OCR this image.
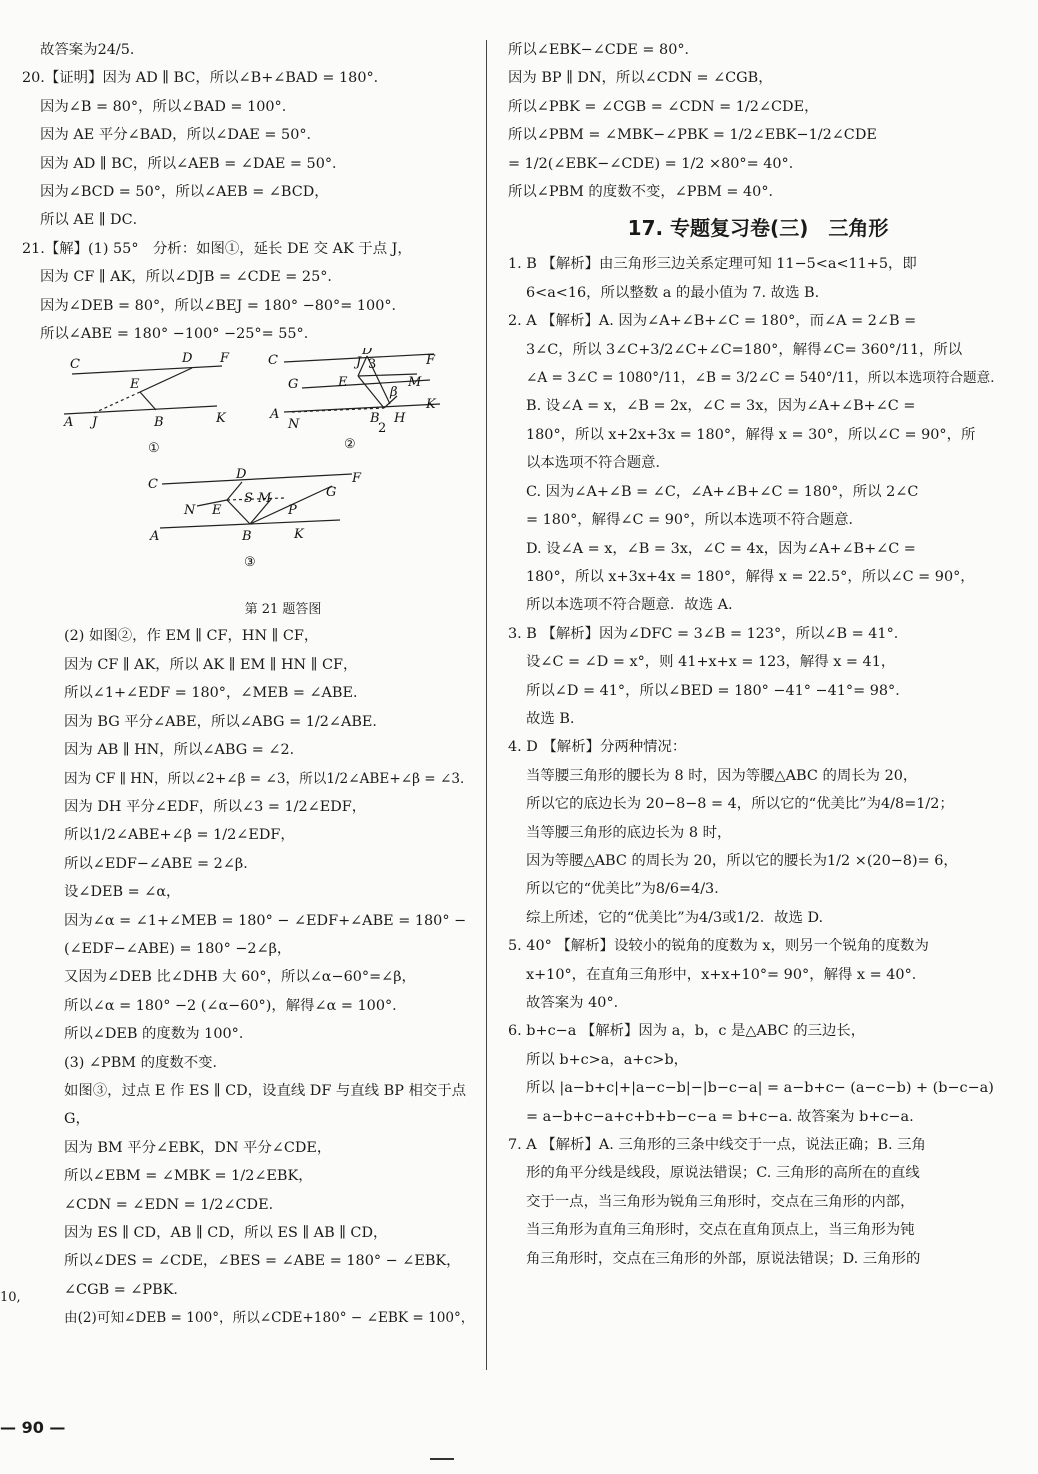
故答案为24/5．
20.【证明】因为 AD ∥ BC，所以∠B+∠BAD = 180°．
因为∠B = 80°，所以∠BAD = 100°．
因为 AE 平分∠BAD，所以∠DAE = 50°．
因为 AD ∥ BC，所以∠AEB = ∠DAE = 50°．
因为∠BCD = 50°，所以∠AEB = ∠BCD，
所以 AE ∥ DC．
21.【解】(1) 55°　分析：如图①，延长 DE 交 AK 于点 J，
因为 CF ∥ AK，所以∠DJB = ∠CDE = 25°．
因为∠DEB = 80°，所以∠BEJ = 180° −80°= 100°．
所以∠ABE = 180° −100° −25°= 55°．
C	D F
E
A J	B	K
①
C
D
F
J 3
G	E	M
β
A
N	B
2
H
K
②
C
D	F
S M	G
N E	P
A	B	K
③
第 21 题答图
(2) 如图②，作 EM ∥ CF，HN ∥ CF，
因为 CF ∥ AK，所以 AK ∥ EM ∥ HN ∥ CF，
所以∠1+∠EDF = 180°，∠MEB = ∠ABE．
因为 BG 平分∠ABE，所以∠ABG = 1/2∠ABE．
因为 AB ∥ HN，所以∠ABG = ∠2．
因为 CF ∥ HN，所以∠2+∠β = ∠3，所以1/2∠ABE+∠β = ∠3．
因为 DH 平分∠EDF，所以∠3 = 1/2∠EDF，
所以1/2∠ABE+∠β = 1/2∠EDF，
所以∠EDF−∠ABE = 2∠β．
设∠DEB = ∠α，
因为∠α = ∠1+∠MEB = 180° − ∠EDF+∠ABE = 180° −
(∠EDF−∠ABE) = 180° −2∠β，
又因为∠DEB 比∠DHB 大 60°，所以∠α−60°=∠β，
所以∠α = 180° −2 (∠α−60°)，解得∠α = 100°．
所以∠DEB 的度数为 100°．
(3) ∠PBM 的度数不变．
如图③，过点 E 作 ES ∥ CD，设直线 DF 与直线 BP 相交于点 G，
因为 BM 平分∠EBK，DN 平分∠CDE，
所以∠EBM = ∠MBK = 1/2∠EBK，
∠CDN = ∠EDN = 1/2∠CDE．
因为 ES ∥ CD，AB ∥ CD，所以 ES ∥ AB ∥ CD，
所以∠DES = ∠CDE，∠BES = ∠ABE = 180° − ∠EBK，
∠CGB = ∠PBK．
由(2)可知∠DEB = 100°，所以∠CDE+180° − ∠EBK = 100°，
所以∠EBK−∠CDE = 80°．
因为 BP ∥ DN，所以∠CDN = ∠CGB，
所以∠PBK = ∠CGB = ∠CDN = 1/2∠CDE，
所以∠PBM = ∠MBK−∠PBK = 1/2∠EBK−1/2∠CDE
= 1/2(∠EBK−∠CDE) = 1/2 ×80°= 40°．
所以∠PBM 的度数不变，∠PBM = 40°．
17. 专题复习卷(三)　三角形
1. B 【解析】由三角形三边关系定理可知 11−5<a<11+5，即
6<a<16，所以整数 a 的最小值为 7. 故选 B.
2. A 【解析】A. 因为∠A+∠B+∠C = 180°，而∠A = 2∠B =
3∠C，所以 3∠C+3/2∠C+∠C=180°，解得∠C= 360°/11，所以
∠A = 3∠C = 1080°/11，∠B = 3/2∠C = 540°/11，所以本选项符合题意．
B. 设∠A = x，∠B = 2x，∠C = 3x，因为∠A+∠B+∠C =
180°，所以 x+2x+3x = 180°，解得 x = 30°，所以∠C = 90°，所
以本选项不符合题意．
C. 因为∠A+∠B = ∠C，∠A+∠B+∠C = 180°，所以 2∠C
= 180°，解得∠C = 90°，所以本选项不符合题意．
D. 设∠A = x，∠B = 3x，∠C = 4x，因为∠A+∠B+∠C =
180°，所以 x+3x+4x = 180°，解得 x = 22.5°，所以∠C = 90°，
所以本选项不符合题意．故选 A.
3. B 【解析】因为∠DFC = 3∠B = 123°，所以∠B = 41°．
设∠C = ∠D = x°，则 41+x+x = 123，解得 x = 41，
所以∠D = 41°，所以∠BED = 180° −41° −41°= 98°．
故选 B.
4. D 【解析】分两种情况：
当等腰三角形的腰长为 8 时，因为等腰△ABC 的周长为 20，
所以它的底边长为 20−8−8 = 4，所以它的“优美比”为4/8=1/2；
当等腰三角形的底边长为 8 时，
因为等腰△ABC 的周长为 20，所以它的腰长为1/2 ×(20−8)= 6，
所以它的“优美比”为8/6=4/3．
综上所述，它的“优美比”为4/3或1/2．故选 D.
5. 40° 【解析】设较小的锐角的度数为 x，则另一个锐角的度数为
x+10°，在直角三角形中，x+x+10°= 90°，解得 x = 40°．
故答案为 40°．
6. b+c−a 【解析】因为 a，b，c 是△ABC 的三边长，
所以 b+c>a，a+c>b，
所以 |a−b+c|+|a−c−b|−|b−c−a| = a−b+c− (a−c−b) + (b−c−a)
= a−b+c−a+c+b+b−c−a = b+c−a. 故答案为 b+c−a.
7. A 【解析】A. 三角形的三条中线交于一点，说法正确；B. 三角
形的角平分线是线段，原说法错误；C. 三角形的高所在的直线
交于一点，当三角形为锐角三角形时，交点在三角形的内部，
当三角形为直角三角形时，交点在直角顶点上，当三角形为钝
角三角形时，交点在三角形的外部，原说法错误；D. 三角形的
10,
— 90 —
